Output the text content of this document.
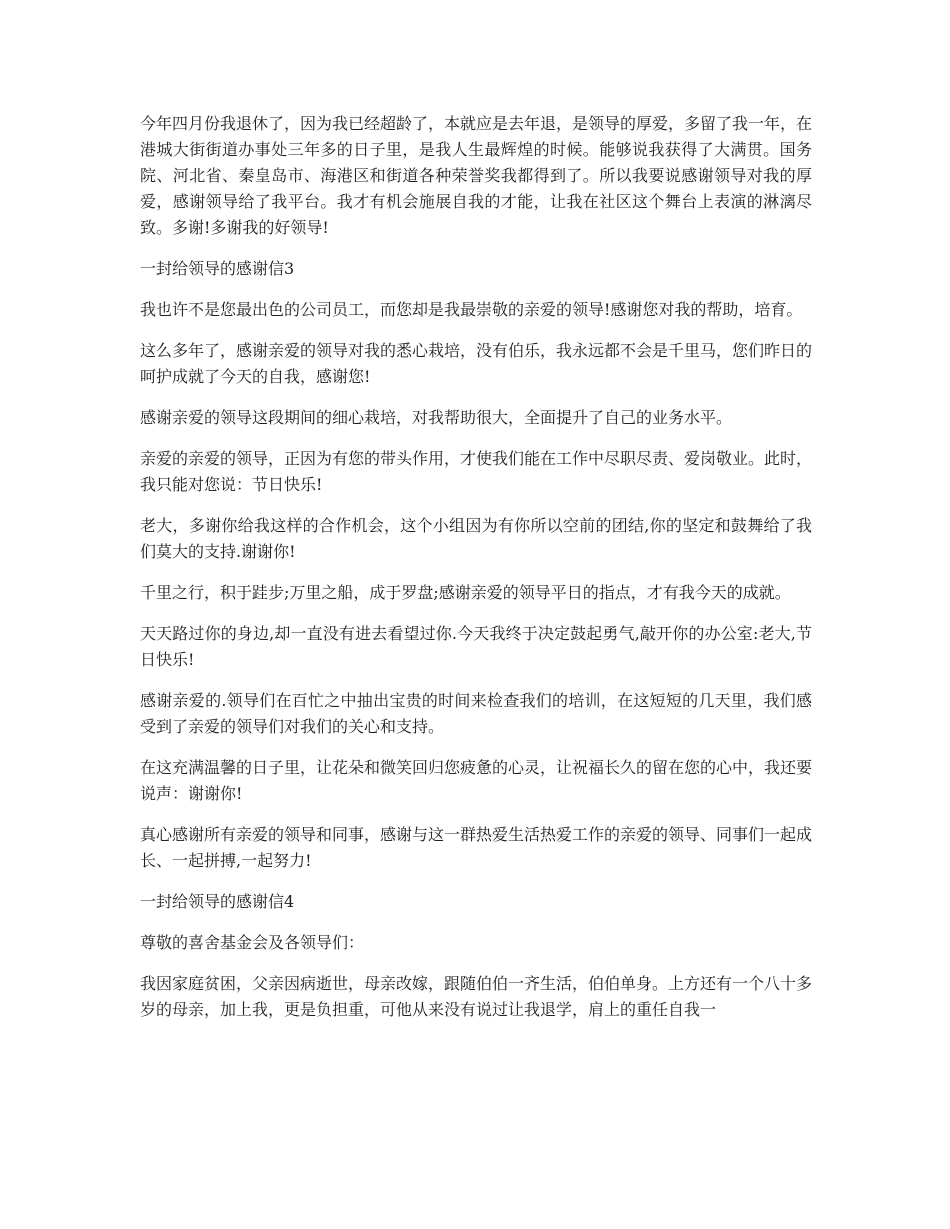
今年四月份我退休了，因为我已经超龄了，本就应是去年退，是领导的厚爱，多留了我一年，在港城大街街道办事处三年多的日子里，是我人生最辉煌的时候。能够说我获得了大满贯。国务院、河北省、秦皇岛市、海港区和街道各种荣誉奖我都得到了。所以我要说感谢领导对我的厚爱，感谢领导给了我平台。我才有机会施展自我的才能，让我在社区这个舞台上表演的淋漓尽致。多谢!多谢我的好领导!

一封给领导的感谢信3

我也许不是您最出色的公司员工，而您却是我最崇敬的亲爱的领导!感谢您对我的帮助，培育。

这么多年了，感谢亲爱的领导对我的悉心栽培，没有伯乐，我永远都不会是千里马，您们昨日的呵护成就了今天的自我，感谢您!

感谢亲爱的领导这段期间的细心栽培，对我帮助很大，全面提升了自己的业务水平。

亲爱的亲爱的领导，正因为有您的带头作用，才使我们能在工作中尽职尽责、爱岗敬业。此时，我只能对您说：节日快乐!

老大，多谢你给我这样的合作机会，这个小组因为有你所以空前的团结,你的坚定和鼓舞给了我们莫大的支持.谢谢你!

千里之行，积于跬步;万里之船，成于罗盘;感谢亲爱的领导平日的指点，才有我今天的成就。

天天路过你的身边,却一直没有进去看望过你.今天我终于决定鼓起勇气,敲开你的办公室:老大,节日快乐!

感谢亲爱的.领导们在百忙之中抽出宝贵的时间来检查我们的培训，在这短短的几天里，我们感受到了亲爱的领导们对我们的关心和支持。

在这充满温馨的日子里，让花朵和微笑回归您疲惫的心灵，让祝福长久的留在您的心中，我还要说声：谢谢你!

真心感谢所有亲爱的领导和同事，感谢与这一群热爱生活热爱工作的亲爱的领导、同事们一起成长、一起拼搏,一起努力!

一封给领导的感谢信4

尊敬的喜舍基金会及各领导们：

我因家庭贫困，父亲因病逝世，母亲改嫁，跟随伯伯一齐生活，伯伯单身。上方还有一个八十多岁的母亲，加上我，更是负担重，可他从来没有说过让我退学，肩上的重任自我一
